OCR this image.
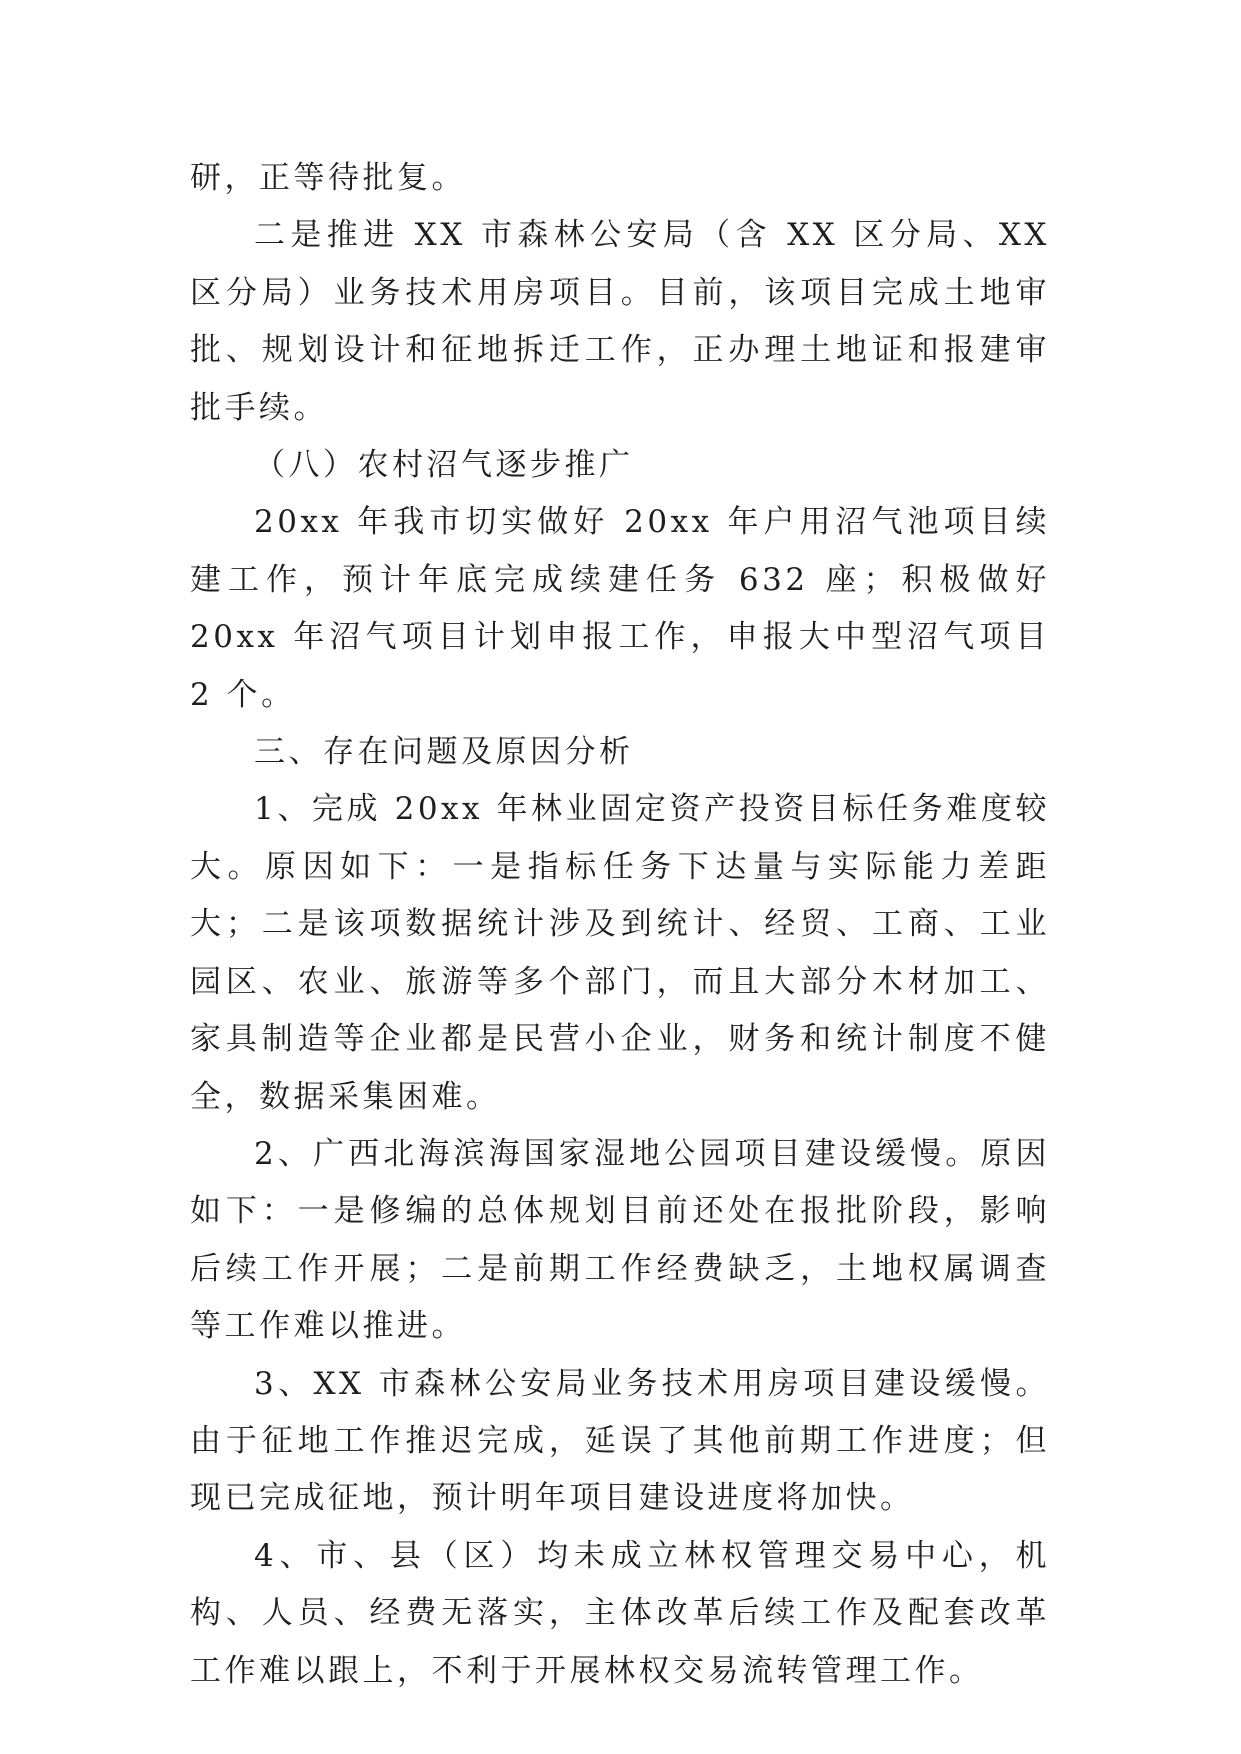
研，正等待批复。

二是推进 XX 市森林公安局（含 XX 区分局、XX 区分局）业务技术用房项目。目前，该项目完成土地审批、规划设计和征地拆迁工作，正办理土地证和报建审批手续。

（八）农村沼气逐步推广

20xx 年我市切实做好 20xx 年户用沼气池项目续建工作，预计年底完成续建任务 632 座；积极做好 20xx 年沼气项目计划申报工作，申报大中型沼气项目 2 个。

三、存在问题及原因分析

1、完成 20xx 年林业固定资产投资目标任务难度较大。原因如下：一是指标任务下达量与实际能力差距大；二是该项数据统计涉及到统计、经贸、工商、工业园区、农业、旅游等多个部门，而且大部分木材加工、家具制造等企业都是民营小企业，财务和统计制度不健全，数据采集困难。

2、广西北海滨海国家湿地公园项目建设缓慢。原因如下：一是修编的总体规划目前还处在报批阶段，影响后续工作开展；二是前期工作经费缺乏，土地权属调查等工作难以推进。

3、XX 市森林公安局业务技术用房项目建设缓慢。由于征地工作推迟完成，延误了其他前期工作进度；但现已完成征地，预计明年项目建设进度将加快。

4、市、县（区）均未成立林权管理交易中心，机构、人员、经费无落实，主体改革后续工作及配套改革工作难以跟上，不利于开展林权交易流转管理工作。
